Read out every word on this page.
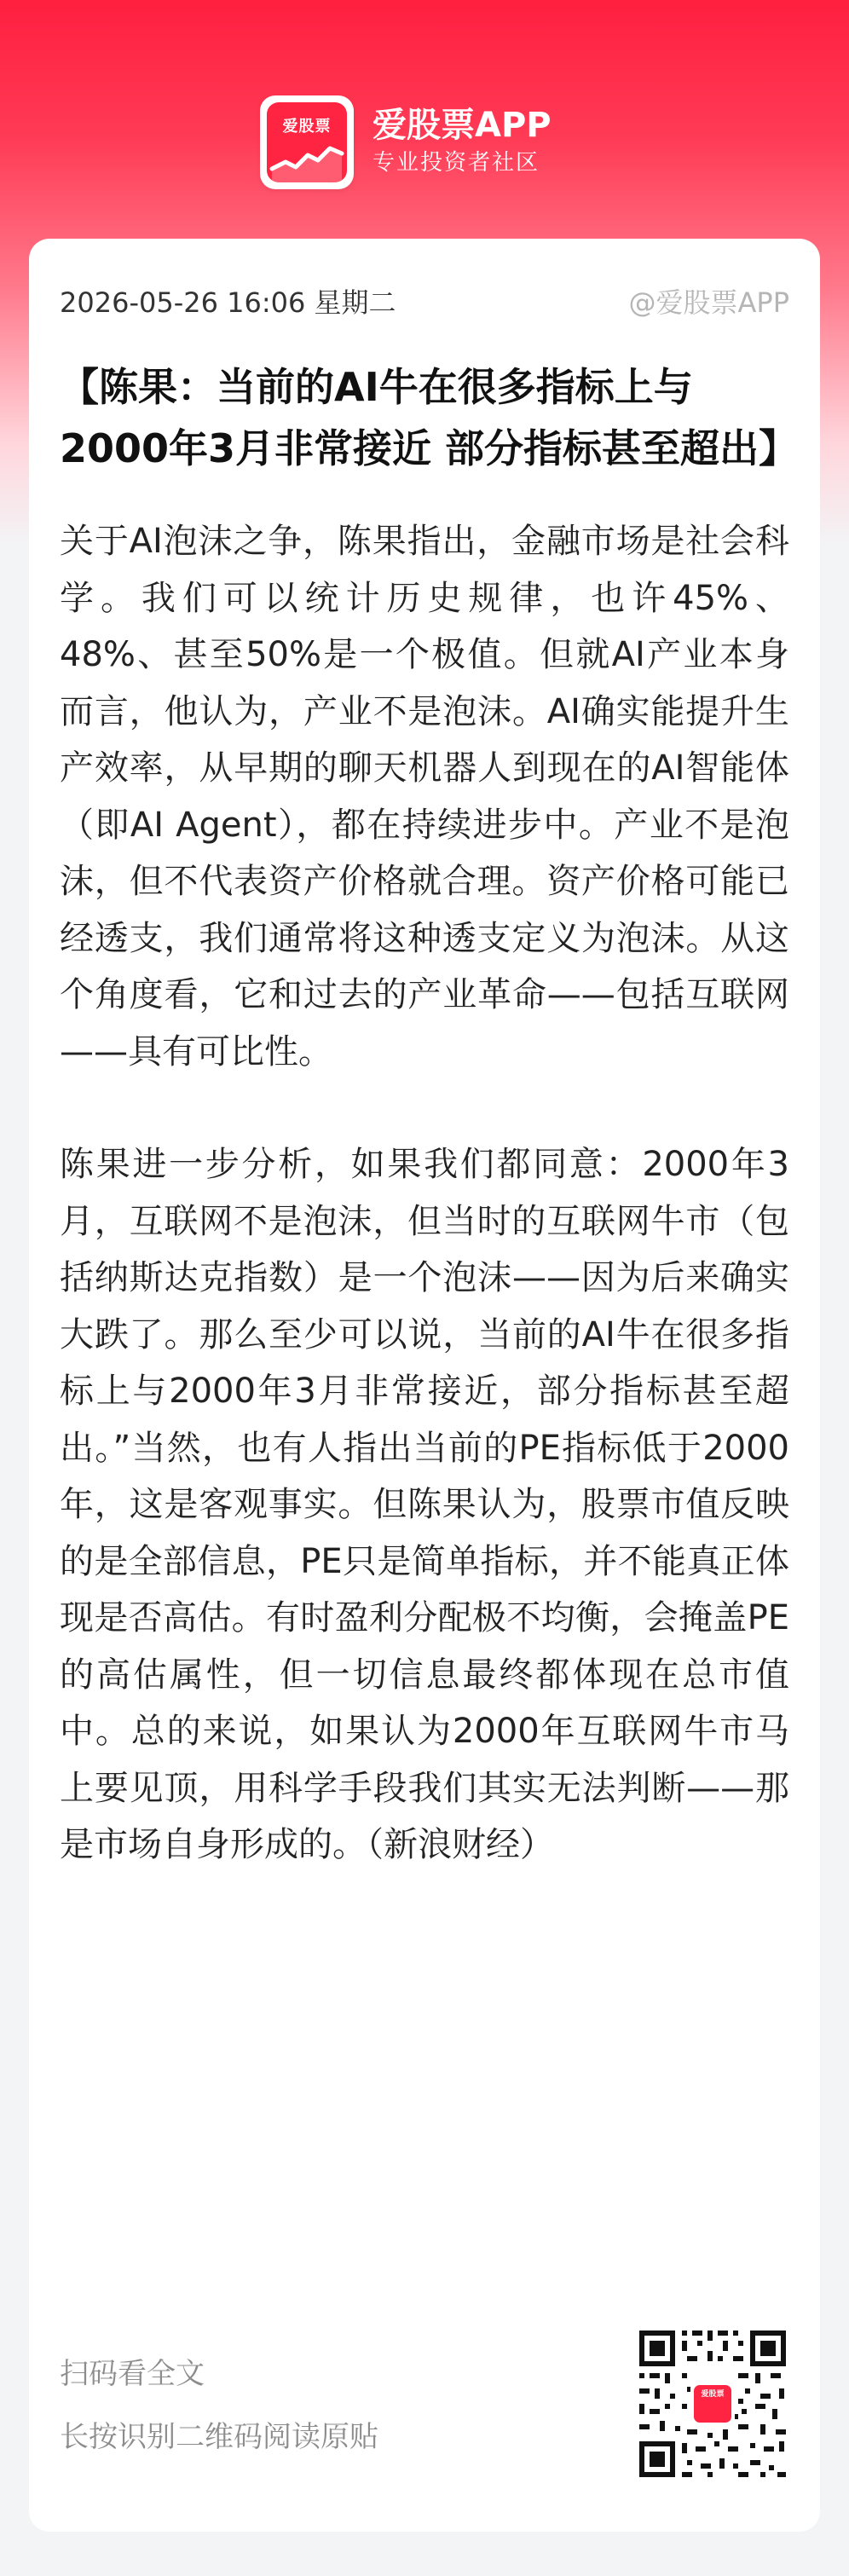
爱股票	爱股票APP
专业投资者社区
2026-05-26 16:06 星期二	@爱股票APP
【陈果：当前的AI牛在很多指标上与2000年3月非常接近 部分指标甚至超出】
关于AI泡沫之争，陈果指出，金融市场是社会科学。我们可以统计历史规律，也许45%、48%、甚至50%是一个极值。但就AI产业本身而言，他认为，产业不是泡沫。AI确实能提升生产效率，从早期的聊天机器人到现在的AI智能体（即AI Agent），都在持续进步中。产业不是泡沫，但不代表资产价格就合理。资产价格可能已经透支，我们通常将这种透支定义为泡沫。从这个角度看，它和过去的产业革命——包括互联网——具有可比性。
陈果进一步分析，如果我们都同意：2000年3月，互联网不是泡沫，但当时的互联网牛市（包括纳斯达克指数）是一个泡沫——因为后来确实大跌了。那么至少可以说，当前的AI牛在很多指标上与2000年3月非常接近，部分指标甚至超出。”当然，也有人指出当前的PE指标低于2000年，这是客观事实。但陈果认为，股票市值反映的是全部信息，PE只是简单指标，并不能真正体现是否高估。有时盈利分配极不均衡，会掩盖PE的高估属性，但一切信息最终都体现在总市值中。总的来说，如果认为2000年互联网牛市马上要见顶，用科学手段我们其实无法判断——那是市场自身形成的。（新浪财经）
扫码看全文
长按识别二维码阅读原贴
爱股票
